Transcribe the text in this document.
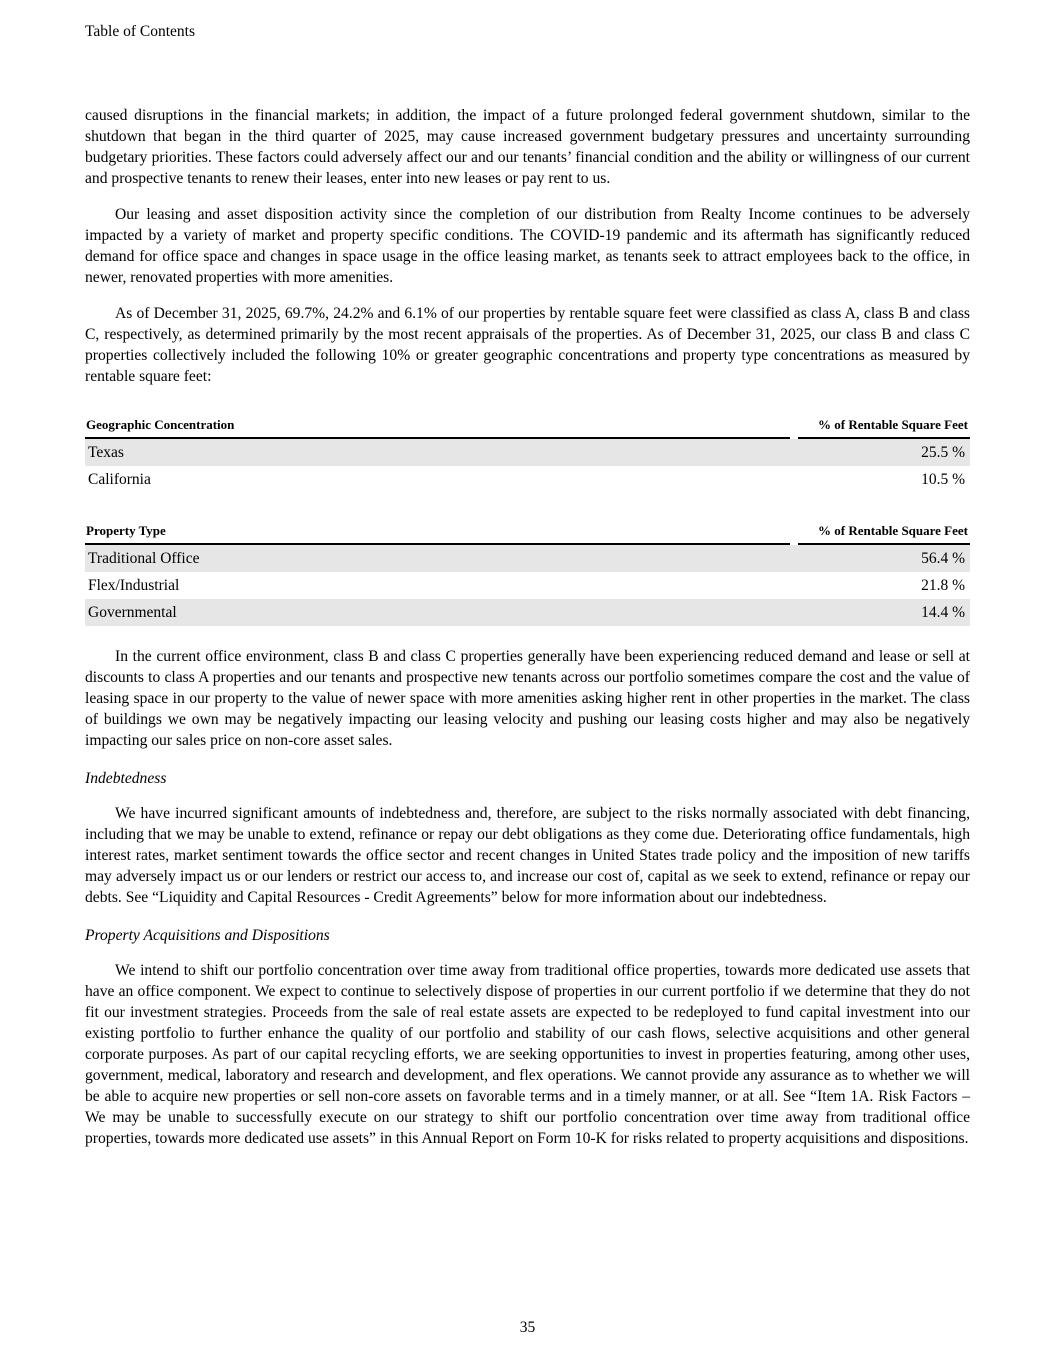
Table of Contents

caused disruptions in the financial markets; in addition, the impact of a future prolonged federal government shutdown, similar to the shutdown that began in the third quarter of 2025, may cause increased government budgetary pressures and uncertainty surrounding budgetary priorities. These factors could adversely affect our and our tenants’ financial condition and the ability or willingness of our current and prospective tenants to renew their leases, enter into new leases or pay rent to us.

Our leasing and asset disposition activity since the completion of our distribution from Realty Income continues to be adversely impacted by a variety of market and property specific conditions. The COVID-19 pandemic and its aftermath has significantly reduced demand for office space and changes in space usage in the office leasing market, as tenants seek to attract employees back to the office, in newer, renovated properties with more amenities.

As of December 31, 2025, 69.7%, 24.2% and 6.1% of our properties by rentable square feet were classified as class A, class B and class C, respectively, as determined primarily by the most recent appraisals of the properties. As of December 31, 2025, our class B and class C properties collectively included the following 10% or greater geographic concentrations and property type concentrations as measured by rentable square feet:

Geographic Concentration	% of Rentable Square Feet
Texas	25.5 %
California	10.5 %
Property Type	% of Rentable Square Feet
Traditional Office	56.4 %
Flex/Industrial	21.8 %
Governmental	14.4 %

In the current office environment, class B and class C properties generally have been experiencing reduced demand and lease or sell at discounts to class A properties and our tenants and prospective new tenants across our portfolio sometimes compare the cost and the value of leasing space in our property to the value of newer space with more amenities asking higher rent in other properties in the market. The class of buildings we own may be negatively impacting our leasing velocity and pushing our leasing costs higher and may also be negatively impacting our sales price on non-core asset sales.

Indebtedness

We have incurred significant amounts of indebtedness and, therefore, are subject to the risks normally associated with debt financing, including that we may be unable to extend, refinance or repay our debt obligations as they come due. Deteriorating office fundamentals, high interest rates, market sentiment towards the office sector and recent changes in United States trade policy and the imposition of new tariffs may adversely impact us or our lenders or restrict our access to, and increase our cost of, capital as we seek to extend, refinance or repay our debts. See “Liquidity and Capital Resources - Credit Agreements” below for more information about our indebtedness.

Property Acquisitions and Dispositions

We intend to shift our portfolio concentration over time away from traditional office properties, towards more dedicated use assets that have an office component. We expect to continue to selectively dispose of properties in our current portfolio if we determine that they do not fit our investment strategies. Proceeds from the sale of real estate assets are expected to be redeployed to fund capital investment into our existing portfolio to further enhance the quality of our portfolio and stability of our cash flows, selective acquisitions and other general corporate purposes. As part of our capital recycling efforts, we are seeking opportunities to invest in properties featuring, among other uses, government, medical, laboratory and research and development, and flex operations. We cannot provide any assurance as to whether we will be able to acquire new properties or sell non-core assets on favorable terms and in a timely manner, or at all. See “Item 1A. Risk Factors – We may be unable to successfully execute on our strategy to shift our portfolio concentration over time away from traditional office properties, towards more dedicated use assets” in this Annual Report on Form 10-K for risks related to property acquisitions and dispositions.

35
